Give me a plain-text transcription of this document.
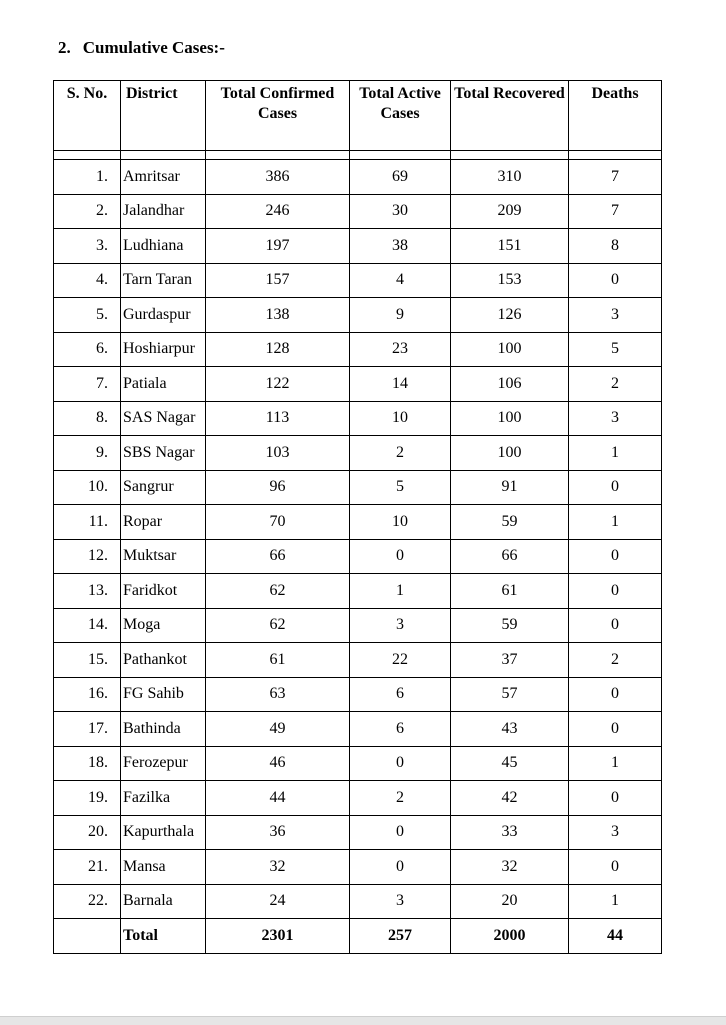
2. Cumulative Cases:-
S. No.	District	Total Confirmed Cases	Total Active Cases	Total Recovered	Deaths

1.	Amritsar	386	69	310	7
2.	Jalandhar	246	30	209	7
3.	Ludhiana	197	38	151	8
4.	Tarn Taran	157	4	153	0
5.	Gurdaspur	138	9	126	3
6.	Hoshiarpur	128	23	100	5
7.	Patiala	122	14	106	2
8.	SAS Nagar	113	10	100	3
9.	SBS Nagar	103	2	100	1
10.	Sangrur	96	5	91	0
11.	Ropar	70	10	59	1
12.	Muktsar	66	0	66	0
13.	Faridkot	62	1	61	0
14.	Moga	62	3	59	0
15.	Pathankot	61	22	37	2
16.	FG Sahib	63	6	57	0
17.	Bathinda	49	6	43	0
18.	Ferozepur	46	0	45	1
19.	Fazilka	44	2	42	0
20.	Kapurthala	36	0	33	3
21.	Mansa	32	0	32	0
22.	Barnala	24	3	20	1
	Total	2301	257	2000	44
